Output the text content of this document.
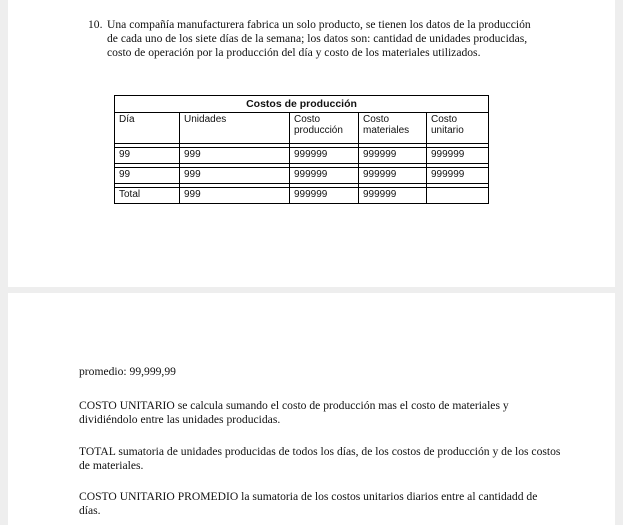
10. Una compañía manufacturera fabrica un solo producto, se tienen los datos de la producción de cada uno de los siete días de la semana; los datos son: cantidad de unidades producidas, costo de operación por la producción del día y costo de los materiales utilizados.
Costos de producción				
Día	Unidades	Costo producción	Costo materiales	Costo unitario

99	999	999999	999999	999999

99	999	999999	999999	999999

Total	999	999999	999999	
promedio: 99,999,99
COSTO UNITARIO se calcula sumando el costo de producción mas el costo de materiales y dividiéndolo entre las unidades producidas.
TOTAL sumatoria de unidades producidas de todos los días, de los costos de producción y de los costos de materiales.
COSTO UNITARIO PROMEDIO la sumatoria de los costos unitarios diarios entre al cantidadd de días.
